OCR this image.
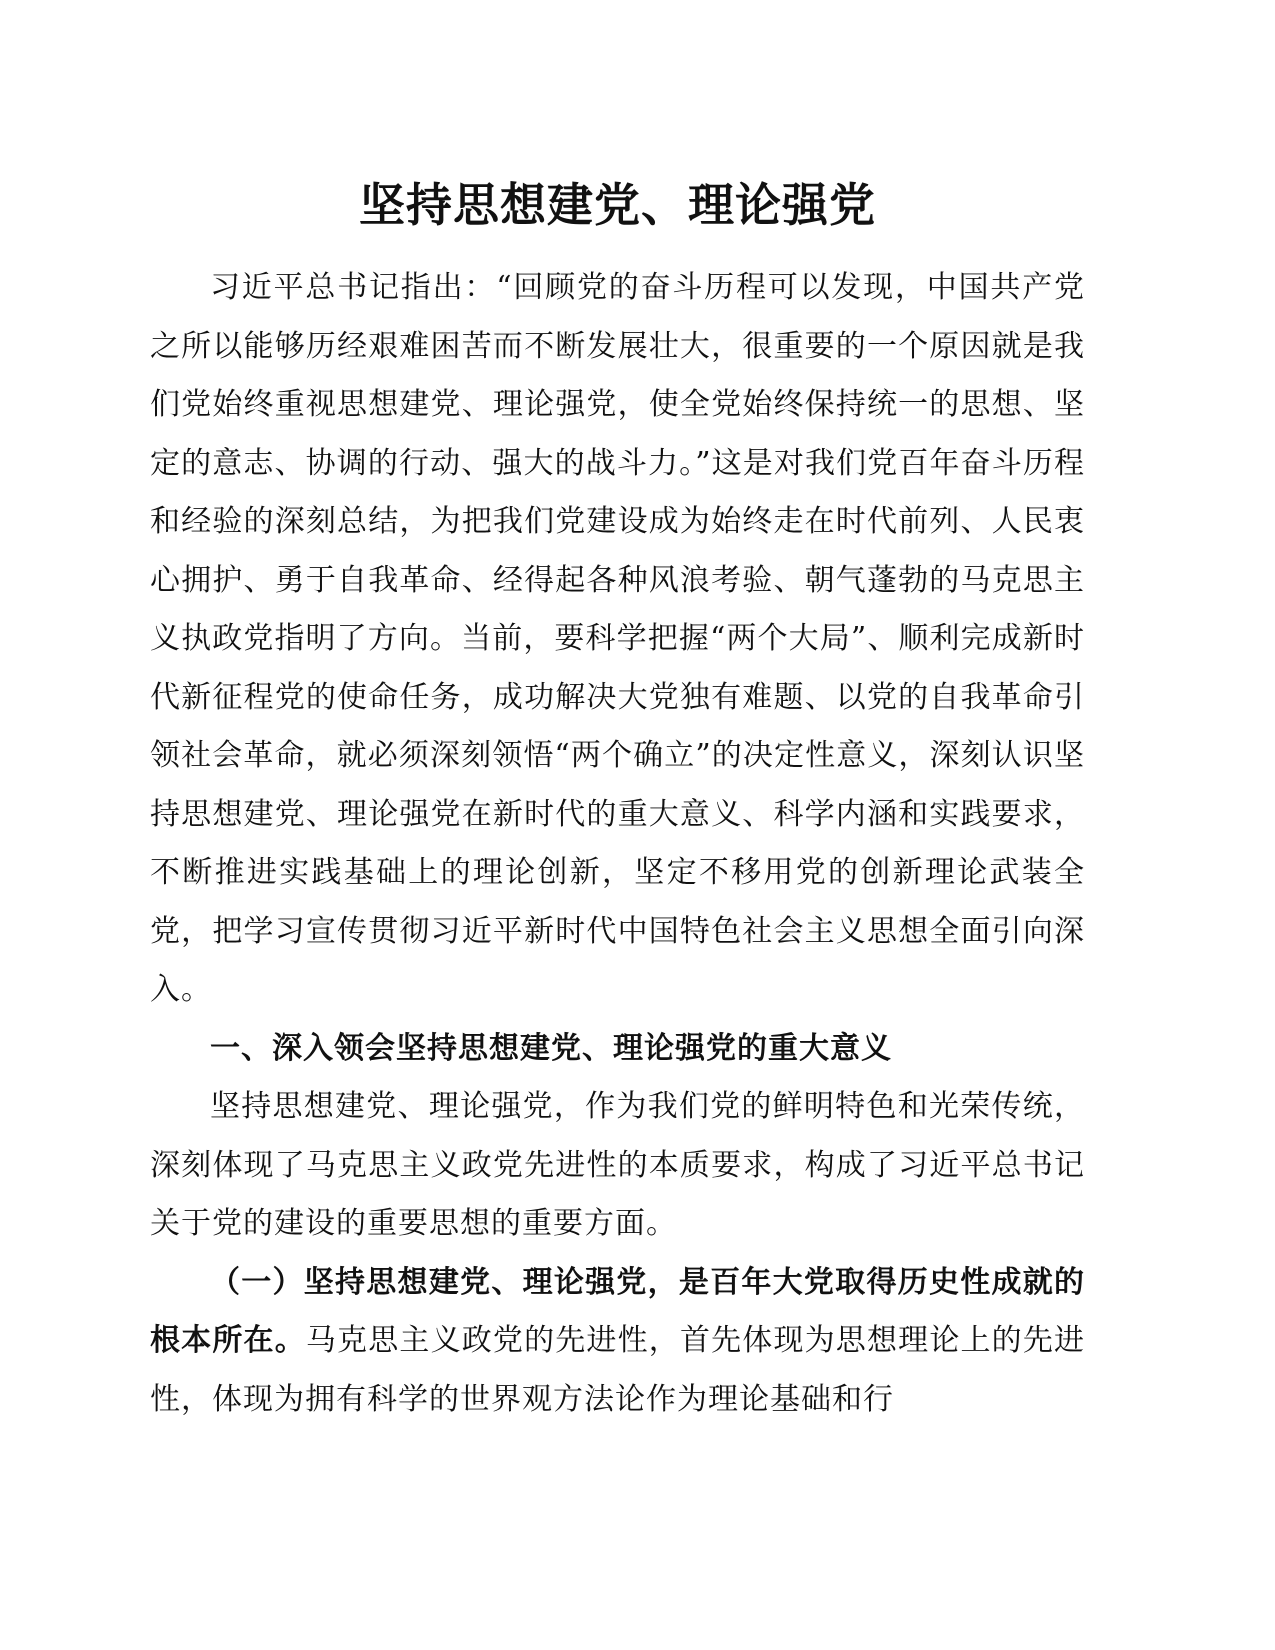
坚持思想建党、理论强党

习近平总书记指出：“回顾党的奋斗历程可以发现，中国共产党之所以能够历经艰难困苦而不断发展壮大，很重要的一个原因就是我们党始终重视思想建党、理论强党，使全党始终保持统一的思想、坚定的意志、协调的行动、强大的战斗力。”这是对我们党百年奋斗历程和经验的深刻总结，为把我们党建设成为始终走在时代前列、人民衷心拥护、勇于自我革命、经得起各种风浪考验、朝气蓬勃的马克思主义执政党指明了方向。当前，要科学把握“两个大局”、顺利完成新时代新征程党的使命任务，成功解决大党独有难题、以党的自我革命引领社会革命，就必须深刻领悟“两个确立”的决定性意义，深刻认识坚持思想建党、理论强党在新时代的重大意义、科学内涵和实践要求，不断推进实践基础上的理论创新，坚定不移用党的创新理论武装全党，把学习宣传贯彻习近平新时代中国特色社会主义思想全面引向深入。

一、深入领会坚持思想建党、理论强党的重大意义

坚持思想建党、理论强党，作为我们党的鲜明特色和光荣传统，深刻体现了马克思主义政党先进性的本质要求，构成了习近平总书记关于党的建设的重要思想的重要方面。

（一）坚持思想建党、理论强党，是百年大党取得历史性成就的根本所在。马克思主义政党的先进性，首先体现为思想理论上的先进性，体现为拥有科学的世界观方法论作为理论基础和行
